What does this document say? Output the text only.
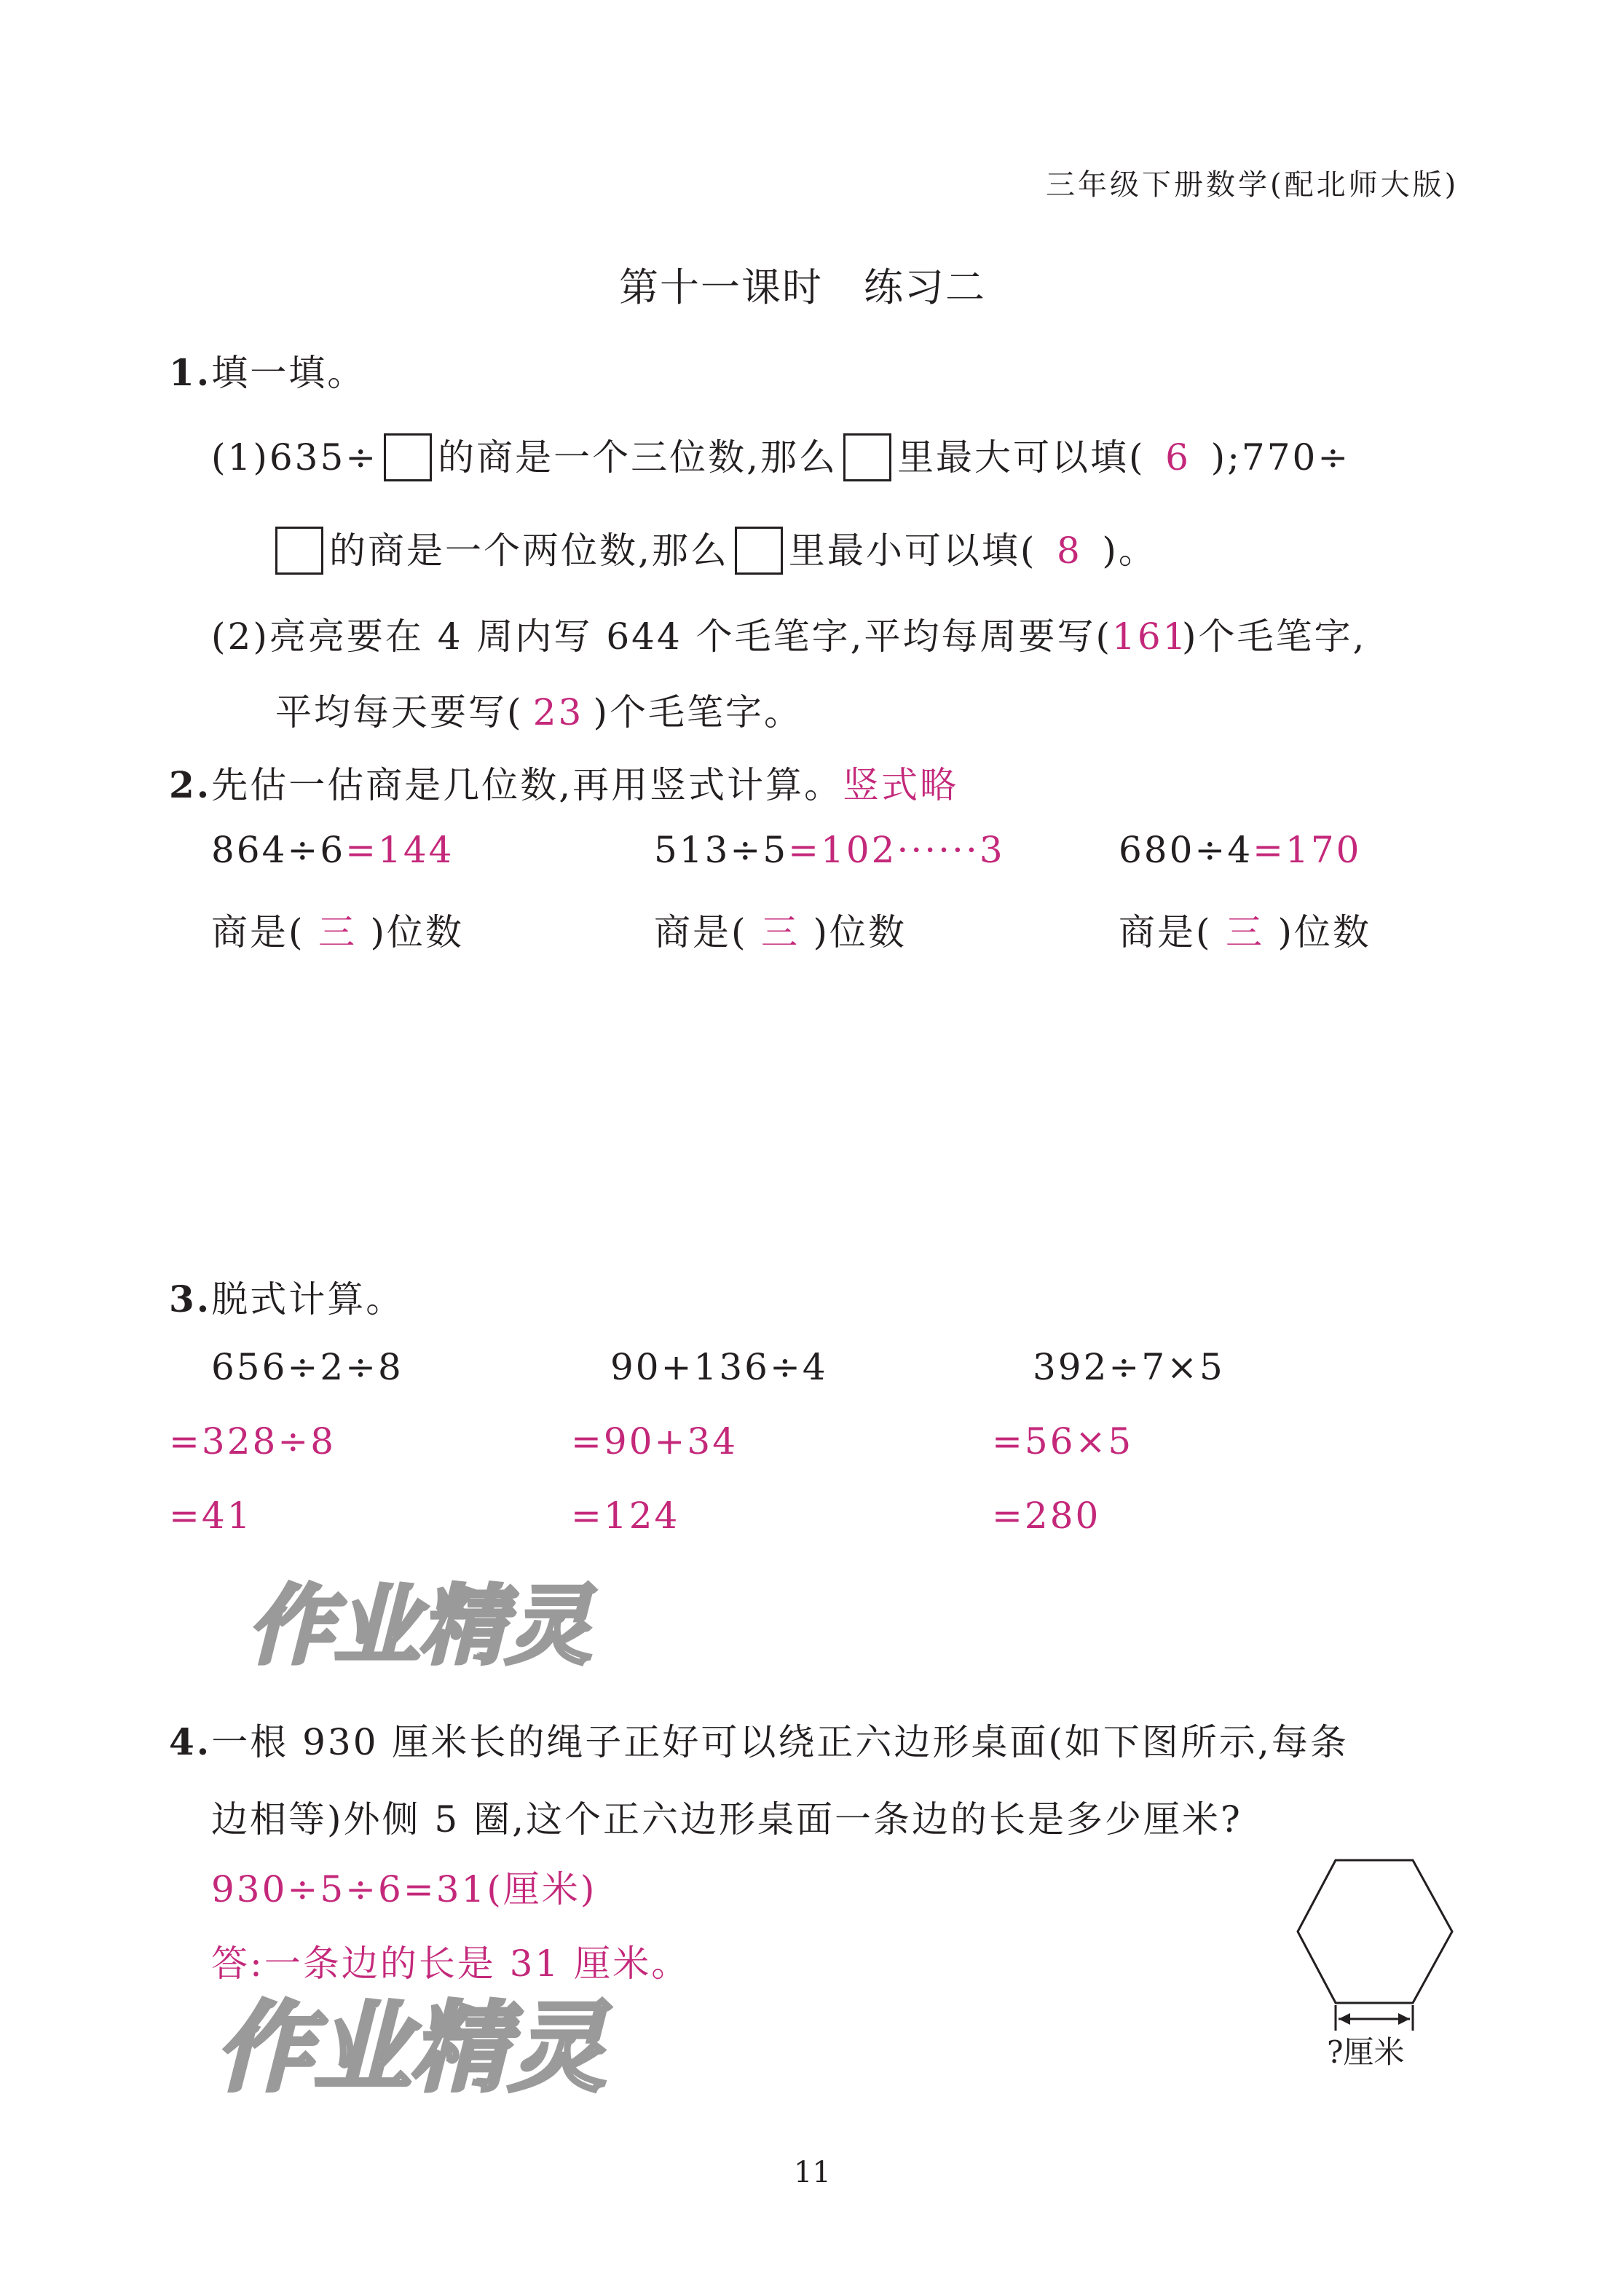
三年级下册数学(配北师大版)
第十一课时　练习二
1.填一填。
(1)635÷ 的商是一个三位数,那么 里最大可以填( 6 );770÷
的商是一个两位数,那么 里最小可以填( 8 )。
(2)亮亮要在 4 周内写 644 个毛笔字,平均每周要写(161)个毛笔字,
平均每天要写( 23 )个毛笔字。
2.先估一估商是几位数,再用竖式计算。竖式略
864÷6=144	513÷5=102······3	680÷4=170
商是( 三 )位数	商是( 三 )位数	商是( 三 )位数
3.脱式计算。
656÷2÷8	90+136÷4	392÷7×5
=328÷8	=90+34	=56×5
=41	=124	=280
作业精灵
4.一根 930 厘米长的绳子正好可以绕正六边形桌面(如下图所示,每条
边相等)外侧 5 圈,这个正六边形桌面一条边的长是多少厘米?
930÷5÷6=31(厘米)
答:一条边的长是 31 厘米。
?厘米
作业精灵
11
